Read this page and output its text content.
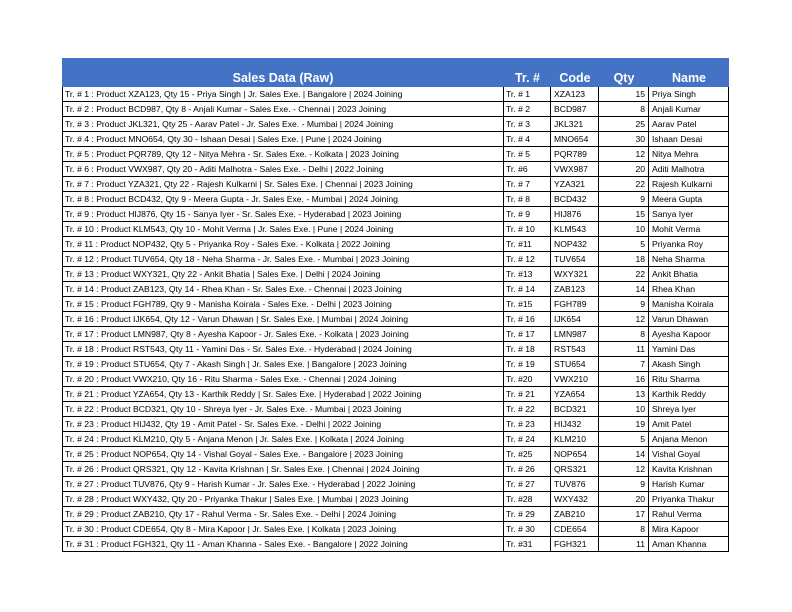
Sales Data (Raw)	Tr. #	Code	Qty	Name
Tr. # 1 : Product XZA123, Qty 15 - Priya Singh | Jr. Sales Exe. | Bangalore | 2024 Joining	Tr. # 1	XZA123	15 Priya Singh
Tr. # 2 : Product BCD987, Qty 8 - Anjali Kumar - Sales Exe. - Chennai | 2023 Joining	Tr. # 2	BCD987	8 Anjali Kumar
Tr. # 3 : Product JKL321, Qty 25 - Aarav Patel - Jr. Sales Exe. - Mumbai | 2024 Joining	Tr. # 3	JKL321	25 Aarav Patel
Tr. # 4 : Product MNO654, Qty 30 - Ishaan Desai | Sales Exe. | Pune | 2024 Joining	Tr. # 4	MNO654	30 Ishaan Desai
Tr. # 5 : Product PQR789, Qty 12 - Nitya Mehra - Sr. Sales Exe. - Kolkata | 2023 Joining	Tr. # 5	PQR789	12 Nitya Mehra
Tr. # 6 : Product VWX987, Qty 20 - Aditi Malhotra - Sales Exe. - Delhi | 2022 Joining	Tr. #6	VWX987	20 Aditi Malhotra
Tr. # 7 : Product YZA321, Qty 22 - Rajesh Kulkarni | Sr. Sales Exe. | Chennai | 2023 Joining	Tr. # 7	YZA321	22 Rajesh Kulkarni
Tr. # 8 : Product BCD432, Qty 9 - Meera Gupta - Jr. Sales Exe. - Mumbai | 2024 Joining	Tr. # 8	BCD432	9 Meera Gupta
Tr. # 9 : Product HIJ876, Qty 15 - Sanya Iyer - Sr. Sales Exe. - Hyderabad | 2023 Joining	Tr. # 9	HIJ876	15 Sanya Iyer
Tr. # 10 : Product KLM543, Qty 10 - Mohit Verma | Jr. Sales Exe. | Pune | 2024 Joining	Tr. # 10	KLM543	10 Mohit Verma
Tr. # 11 : Product NOP432, Qty 5 - Priyanka Roy - Sales Exe. - Kolkata | 2022 Joining	Tr. #11	NOP432	5 Priyanka Roy
Tr. # 12 : Product TUV654, Qty 18 - Neha Sharma - Jr. Sales Exe. - Mumbai | 2023 Joining	Tr. # 12	TUV654	18 Neha Sharma
Tr. # 13 : Product WXY321, Qty 22 - Ankit Bhatia | Sales Exe. | Delhi | 2024 Joining	Tr. #13	WXY321	22 Ankit Bhatia
Tr. # 14 : Product ZAB123, Qty 14 - Rhea Khan - Sr. Sales Exe. - Chennai | 2023 Joining	Tr. # 14	ZAB123	14 Rhea Khan
Tr. # 15 : Product FGH789, Qty 9 - Manisha Koirala - Sales Exe. - Delhi | 2023 Joining	Tr. #15	FGH789	9 Manisha Koirala
Tr. # 16 : Product IJK654, Qty 12 - Varun Dhawan | Sr. Sales Exe. | Mumbai | 2024 Joining	Tr. # 16	IJK654	12 Varun Dhawan
Tr. # 17 : Product LMN987, Qty 8 - Ayesha Kapoor - Jr. Sales Exe. - Kolkata | 2023 Joining	Tr. # 17	LMN987	8 Ayesha Kapoor
Tr. # 18 : Product RST543, Qty 11 - Yamini Das - Sr. Sales Exe. - Hyderabad | 2024 Joining	Tr. # 18	RST543	11 Yamini Das
Tr. # 19 : Product STU654, Qty 7 - Akash Singh | Jr. Sales Exe. | Bangalore | 2023 Joining	Tr. # 19	STU654	7 Akash Singh
Tr. # 20 : Product VWX210, Qty 16 - Ritu Sharma - Sales Exe. - Chennai | 2024 Joining	Tr. #20	VWX210	16 Ritu Sharma
Tr. # 21 : Product YZA654, Qty 13 - Karthik Reddy | Sr. Sales Exe. | Hyderabad | 2022 Joining	Tr. # 21	YZA654	13 Karthik Reddy
Tr. # 22 : Product BCD321, Qty 10 - Shreya Iyer - Jr. Sales Exe. - Mumbai | 2023 Joining	Tr. # 22	BCD321	10 Shreya Iyer
Tr. # 23 : Product HIJ432, Qty 19 - Amit Patel - Sr. Sales Exe. - Delhi | 2022 Joining	Tr. # 23	HIJ432	19 Amit Patel
Tr. # 24 : Product KLM210, Qty 5 - Anjana Menon | Jr. Sales Exe. | Kolkata | 2024 Joining	Tr. # 24	KLM210	5 Anjana Menon
Tr. # 25 : Product NOP654, Qty 14 - Vishal Goyal - Sales Exe. - Bangalore | 2023 Joining	Tr. #25	NOP654	14 Vishal Goyal
Tr. # 26 : Product QRS321, Qty 12 - Kavita Krishnan | Sr. Sales Exe. | Chennai | 2024 Joining	Tr. # 26	QRS321	12 Kavita Krishnan
Tr. # 27 : Product TUV876, Qty 9 - Harish Kumar - Jr. Sales Exe. - Hyderabad | 2022 Joining	Tr. # 27	TUV876	9 Harish Kumar
Tr. # 28 : Product WXY432, Qty 20 - Priyanka Thakur | Sales Exe. | Mumbai | 2023 Joining	Tr. #28	WXY432	20 Priyanka Thakur
Tr. # 29 : Product ZAB210, Qty 17 - Rahul Verma - Sr. Sales Exe. - Delhi | 2024 Joining	Tr. # 29	ZAB210	17 Rahul Verma
Tr. # 30 : Product CDE654, Qty 8 - Mira Kapoor | Jr. Sales Exe. | Kolkata | 2023 Joining	Tr. # 30	CDE654	8 Mira Kapoor
Tr. # 31 : Product FGH321, Qty 11 - Aman Khanna - Sales Exe. - Bangalore | 2022 Joining	Tr. #31	FGH321	11 Aman Khanna
